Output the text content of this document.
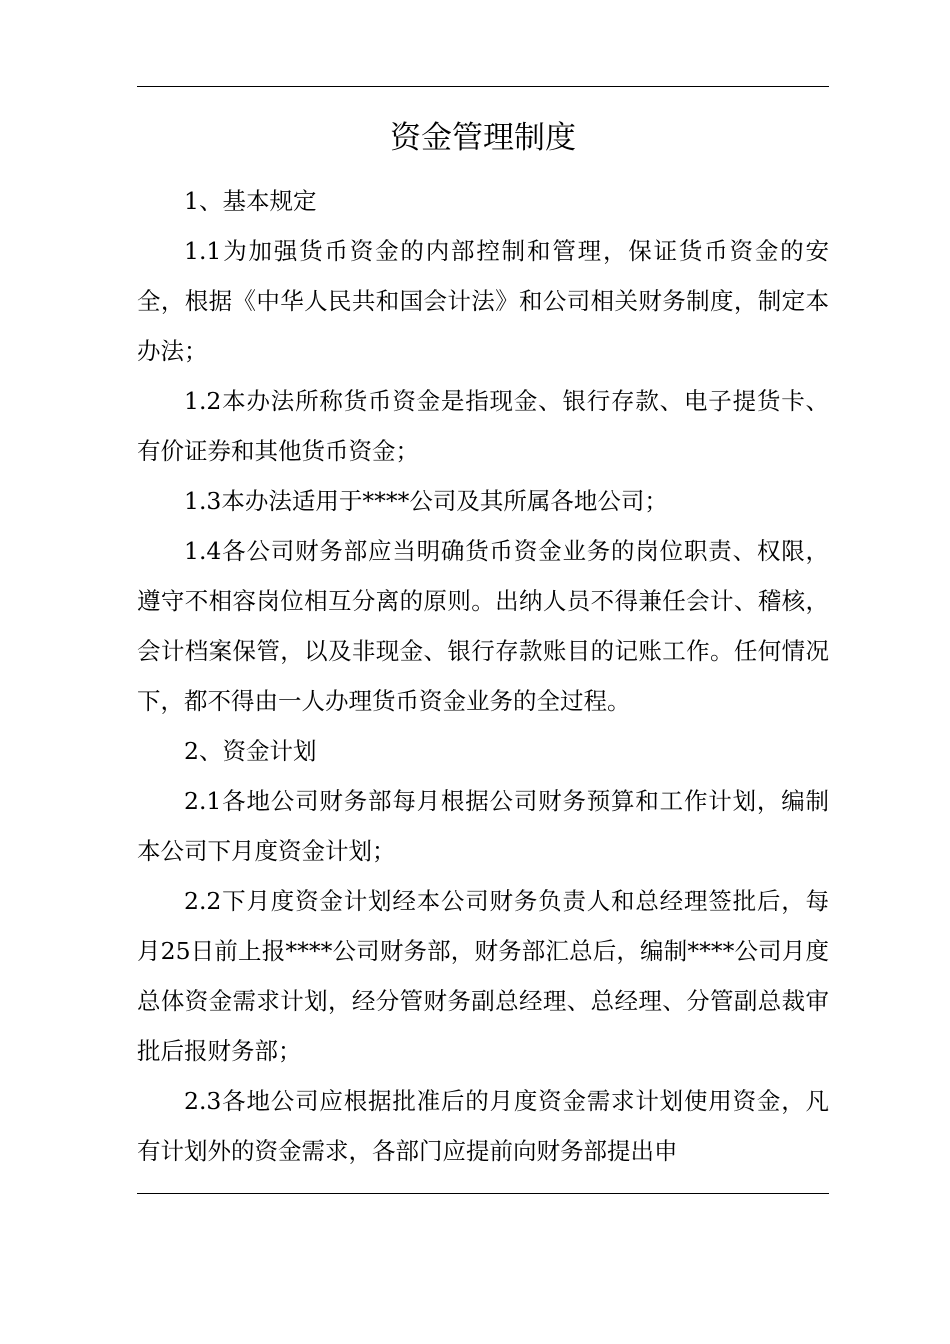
资金管理制度

1、基本规定

1.1为加强货币资金的内部控制和管理，保证货币资金的安全，根据《中华人民共和国会计法》和公司相关财务制度，制定本办法；

1.2本办法所称货币资金是指现金、银行存款、电子提货卡、有价证券和其他货币资金；

1.3本办法适用于****公司及其所属各地公司；

1.4各公司财务部应当明确货币资金业务的岗位职责、权限，遵守不相容岗位相互分离的原则。出纳人员不得兼任会计、稽核，会计档案保管，以及非现金、银行存款账目的记账工作。任何情况下，都不得由一人办理货币资金业务的全过程。

2、资金计划

2.1各地公司财务部每月根据公司财务预算和工作计划，编制本公司下月度资金计划；

2.2下月度资金计划经本公司财务负责人和总经理签批后，每月25日前上报****公司财务部，财务部汇总后，编制****公司月度总体资金需求计划，经分管财务副总经理、总经理、分管副总裁审批后报财务部；

2.3各地公司应根据批准后的月度资金需求计划使用资金，凡有计划外的资金需求，各部门应提前向财务部提出申
